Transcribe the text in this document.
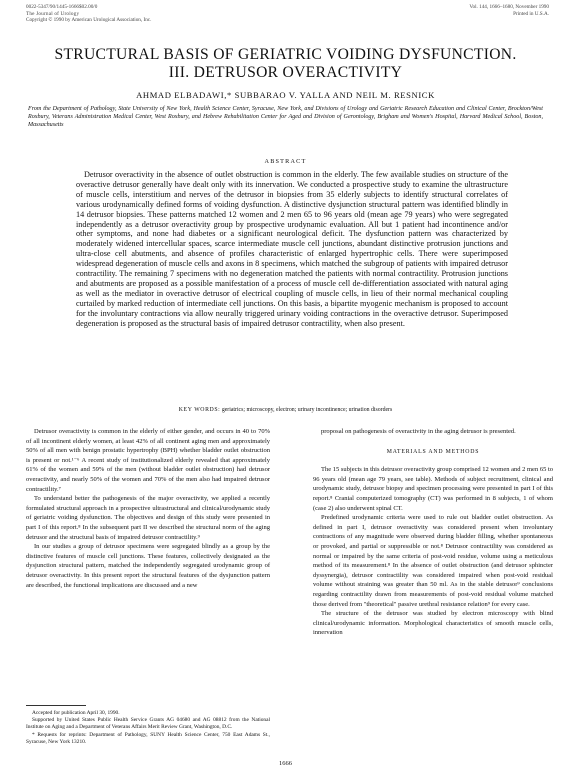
0022-5347/90/1445-1666$02.00/0
The Journal of Urology
Copyright © 1990 by American Urological Association, Inc.
Vol. 144, 1666–1680, November 1990
Printed in U.S.A.
STRUCTURAL BASIS OF GERIATRIC VOIDING DYSFUNCTION.
III. DETRUSOR OVERACTIVITY
AHMAD ELBADAWI,* SUBBARAO V. YALLA AND NEIL M. RESNICK
From the Department of Pathology, State University of New York, Health Science Center, Syracuse, New York, and Divisions of Urology and Geriatric Research Education and Clinical Center, Brockton/West Roxbury, Veterans Administration Medical Center, West Roxbury, and Hebrew Rehabilitation Center for Aged and Division of Gerontology, Brigham and Women's Hospital, Harvard Medical School, Boston, Massachusetts
ABSTRACT

Detrusor overactivity in the absence of outlet obstruction is common in the elderly. The few available studies on structure of the overactive detrusor generally have dealt only with its innervation. We conducted a prospective study to examine the ultrastructure of muscle cells, interstitium and nerves of the detrusor in biopsies from 35 elderly subjects to identify structural correlates of various urodynamically defined forms of voiding dysfunction. A distinctive dysjunction structural pattern was identified blindly in 14 detrusor biopsies. These patterns matched 12 women and 2 men 65 to 96 years old (mean age 79 years) who were segregated independently as a detrusor overactivity group by prospective urodynamic evaluation. All but 1 patient had incontinence and/or other symptoms, and none had diabetes or a significant neurological deficit. The dysfunction pattern was characterized by moderately widened intercellular spaces, scarce intermediate muscle cell junctions, abundant distinctive protrusion junctions and ultra-close cell abutments, and absence of profiles characteristic of enlarged hypertrophic cells. There were superimposed widespread degeneration of muscle cells and axons in 8 specimens, which matched the subgroup of patients with impaired detrusor contractility. The remaining 7 specimens with no degeneration matched the patients with normal contractility. Protrusion junctions and abutments are proposed as a possible manifestation of a process of muscle cell de-differentiation associated with natural aging as well as the mediator in overactive detrusor of electrical coupling of muscle cells, in lieu of their normal mechanical coupling curtailed by marked reduction of intermediate cell junctions. On this basis, a bipartite myogenic mechanism is proposed to account for the involuntary contractions via allow neurally triggered urinary voiding contractions in the overactive detrusor. Superimposed degeneration is proposed as the structural basis of impaired detrusor contractility, when also present.

KEY WORDS: geriatrics; microscopy, electron; urinary incontinence; urination disorders

Detrusor overactivity is common in the elderly of either gender, and occurs in 40 to 70% of all incontinent elderly women, at least 42% of all continent aging men and approximately 50% of all men with benign prostatic hypertrophy (BPH) whether bladder outlet obstruction is present or not.¹⁻⁶ A recent study of institutionalized elderly revealed that approximately 61% of the women and 59% of the men (without bladder outlet obstruction) had detrusor overactivity, and nearly 50% of the women and 70% of the men also had impaired detrusor contractility.⁷

To understand better the pathogenesis of the major overactivity, we applied a recently formulated structural approach in a prospective ultrastructural and clinical/urodynamic study of geriatric voiding dysfunction. The objectives and design of this study were presented in part I of this report.⁸ In the subsequent part II we described the structural norm of the aging detrusor and the structural basis of impaired detrusor contractility.⁹

In our studies a group of detrusor specimens were segregated blindly as a group by the distinctive features of muscle cell junctions. These features, collectively designated as the dysjunction structural pattern, matched the independently segregated urodynamic group of detrusor overactivity. In this present report the structural features of the dysjunction pattern are described, the functional implications are discussed and a new

Accepted for publication April 30, 1990.

Supported by United States Public Health Service Grants AG 04680 and AG 08812 from the National Institute on Aging and a Department of Veterans Affairs Merit Review Grant, Washington, D.C.

* Requests for reprints: Department of Pathology, SUNY Health Science Center, 750 East Adams St., Syracuse, New York 13210.

proposal on pathogenesis of overactivity in the aging detrusor is presented.

MATERIALS AND METHODS

The 15 subjects in this detrusor overactivity group comprised 12 women and 2 men 65 to 96 years old (mean age 79 years, see table). Methods of subject recruitment, clinical and urodynamic study, detrusor biopsy and specimen processing were presented in part I of this report.⁸ Cranial computerized tomography (CT) was performed in 8 subjects, 1 of whom (case 2) also underwent spinal CT.

Predefined urodynamic criteria were used to rule out bladder outlet obstruction. As defined in part I, detrusor overactivity was considered present when involuntary contractions of any magnitude were observed during bladder filling, whether spontaneous or provoked, and partial or suppressible or not.⁸ Detrusor contractility was considered as normal or impaired by the same criteria of post-void residue, volume using a meticulous method of its measurement.⁸ In the absence of outlet obstruction (and detrusor sphincter dyssynergia), detrusor contractility was considered impaired when post-void residual volume without straining was greater than 50 ml. As in the stable detrusor⁹ conclusions regarding contractility drawn from measurements of post-void residual volume matched those derived from "theoretical" passive urethral resistance relation⁹ for every case.

The structure of the detrusor was studied by electron microscopy with blind clinical/urodynamic information. Morphological characteristics of smooth muscle cells, innervation

1666
